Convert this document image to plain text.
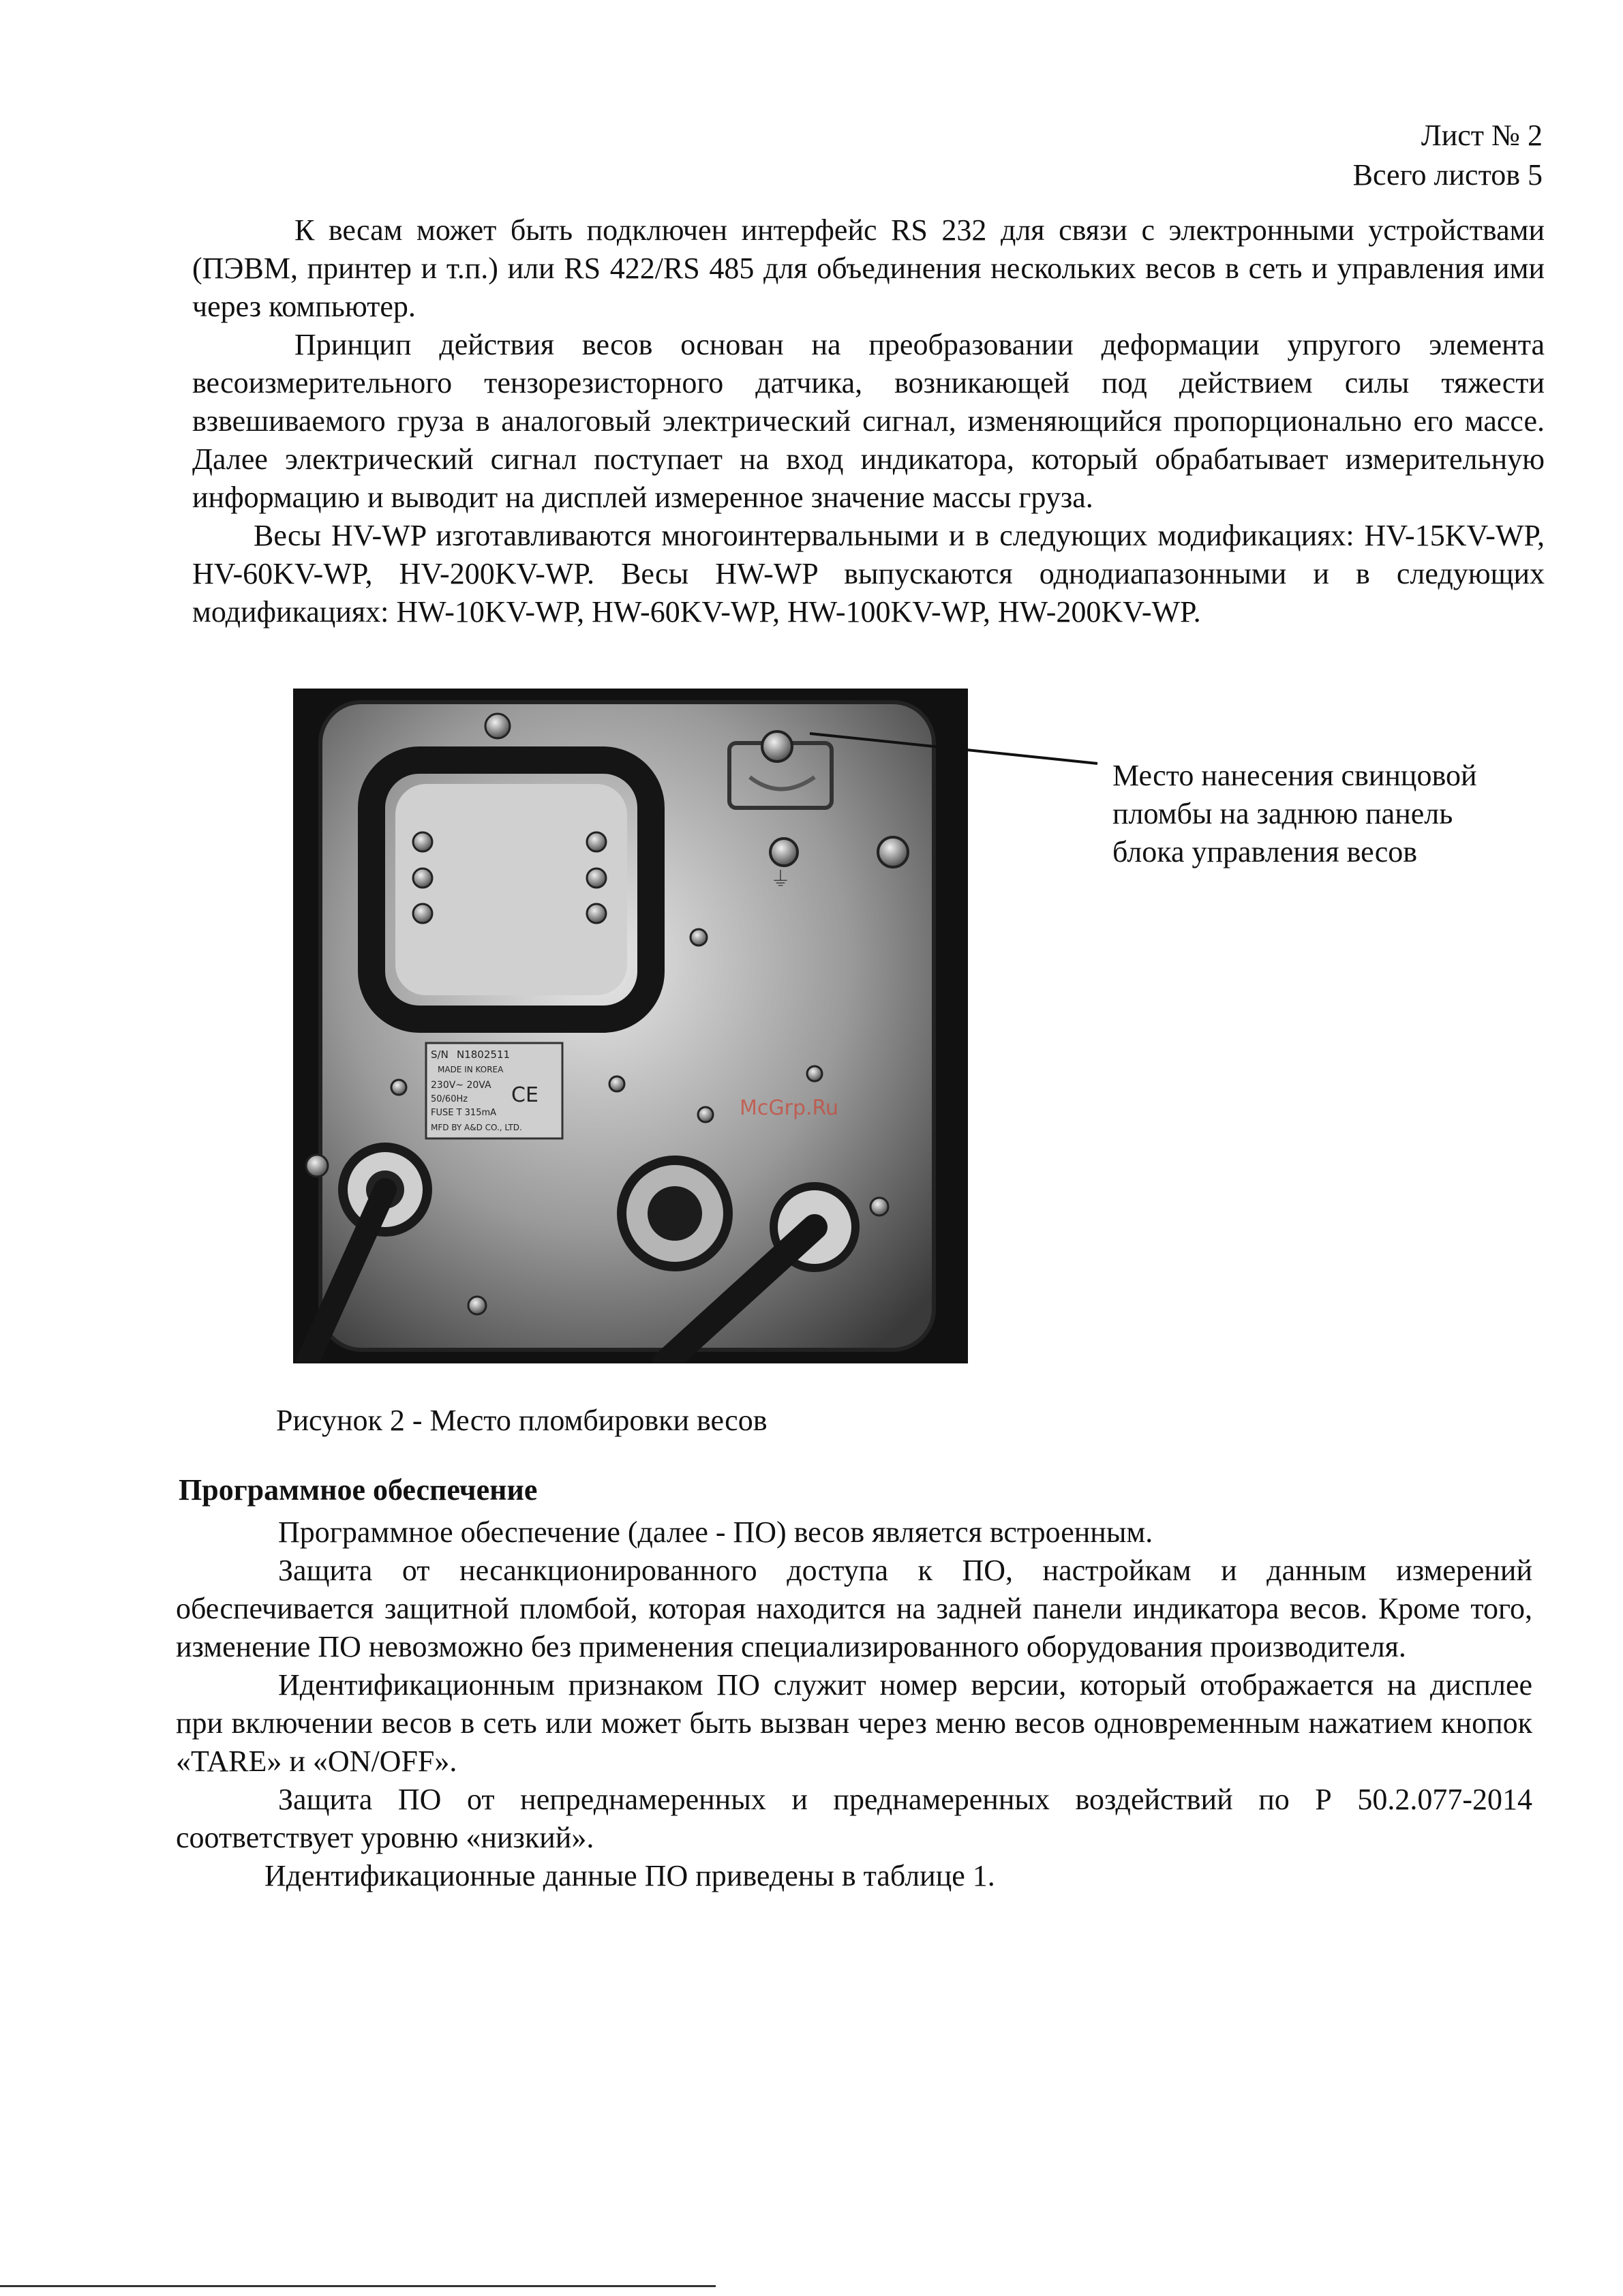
Лист № 2
Всего листов 5

К весам может быть подключен интерфейс RS 232 для связи с электронными устройствами (ПЭВМ, принтер и т.п.) или RS 422/RS 485 для объединения нескольких весов в сеть и управления ими через компьютер.

Принцип действия весов основан на преобразовании деформации упругого элемента весоизмерительного тензорезисторного датчика, возникающей под действием силы тяжести взвешиваемого груза в аналоговый электрический сигнал, изменяющийся пропорционально его массе. Далее электрический сигнал поступает на вход индикатора, который обрабатывает измерительную информацию и выводит на дисплей измеренное значение массы груза.

Весы HV-WP изготавливаются многоинтервальными и в следующих модификациях: HV-15KV-WP, HV-60KV-WP, HV-200KV-WP. Весы HW-WP выпускаются однодиапазонными и в следующих модификациях: HW-10KV-WP, HW-60KV-WP, HW-100KV-WP, HW-200KV-WP.

⏚
S/N N1802511
MADE IN KOREA
230V~ 20VA
50/60Hz
FUSE T 315mA
MFD BY A&D CO., LTD.
CE
McGrp.Ru
Место нанесения свинцовой
пломбы на заднюю панель
блока управления весов
Рисунок 2 - Место пломбировки весов
Программное обеспечение

Программное обеспечение (далее - ПО) весов является встроенным.

Защита от несанкционированного доступа к ПО, настройкам и данным измерений обеспечивается защитной пломбой, которая находится на задней панели индикатора весов. Кроме того, изменение ПО невозможно без применения специализированного оборудования производителя.

Идентификационным признаком ПО служит номер версии, который отображается на дисплее при включении весов в сеть или может быть вызван через меню весов одновременным нажатием кнопок «TARE» и «ON/OFF».

Защита ПО от непреднамеренных и преднамеренных воздействий по Р 50.2.077-2014 соответствует уровню «низкий».

Идентификационные данные ПО приведены в таблице 1.
